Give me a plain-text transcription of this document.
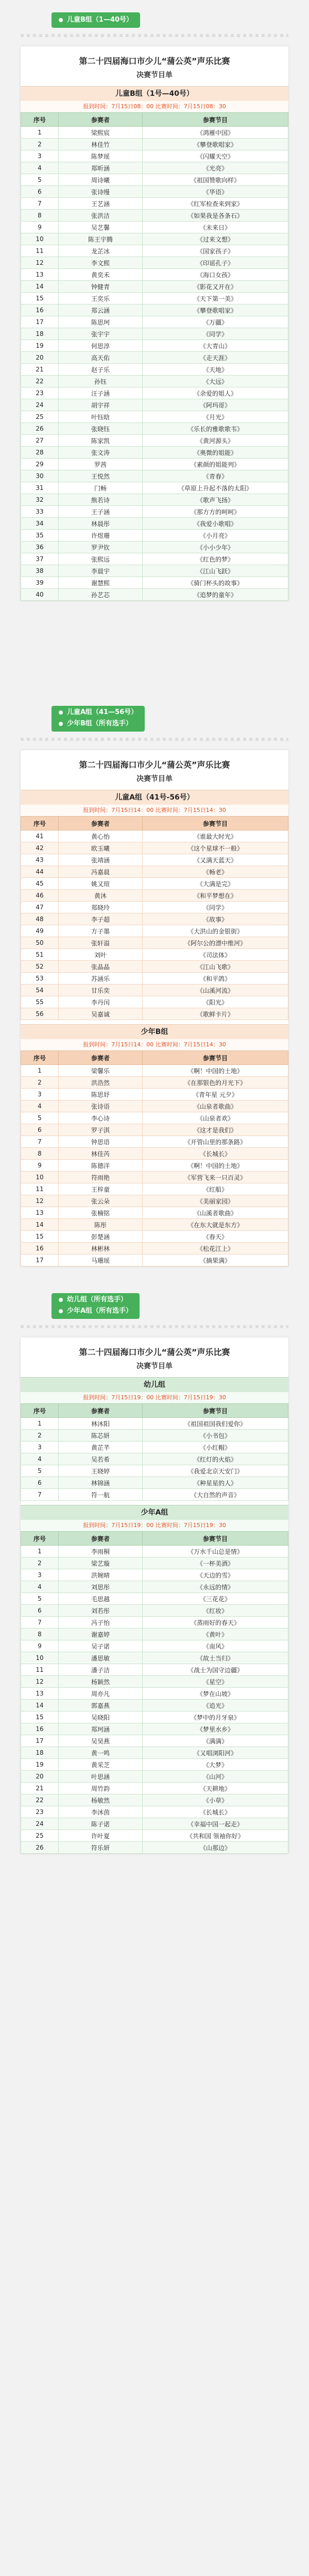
儿童B组（1—40号）
第二十四届海口市少儿“蒲公英”声乐比赛
决赛节目单
儿童B组（1号—40号）
报到时间：7月15日08：00 比赛时间：7月15日08：30
序号	参赛者	参赛节目
1	梁熙宸	《鸿雁中国》
2	林佳竹	《攀登歌唱家》
3	陈梦瑶	《闪耀天空》
4	郑昕涵	《光亮》
5	周诗曦	《祖国赞歌向样》
6	张诗缦	《华语》
7	王艺涵	《红军检查来到家》
8	张洪洁	《如果我是各条石》
9	吴艺馨	《未来日》
10	陈王宇腾	《过来文想》
11	龙芷冰	《国家孩子》
12	李文熙	《印谣孔子》
13	黄奕禾	《海口女孩》
14	钟健青	《影花又开在》
15	王奕乐	《天下第一美》
16	郑云涵	《攀登歌唱家》
17	陈思珂	《万疆》
18	张宇宇	《同学》
19	何思淳	《大青山》
20	高天佑	《走天涯》
21	赵子乐	《天地》
22	孙钰	《大远》
23	汪子涵	《余爱的姐人》
24	胡宇祥	《阿玛哥》
25	叶钰晗	《月光》
26	张晓钰	《乐长的雅歌歌韦》
27	陈家凯	《黄河源头》
28	张文涛	《奥微的姐能》
29	罗茜	《素颜的姐能列》
30	王悦然	《青春》
31	门畅	《草原上升起不落的太阳》
32	熊若诗	《歌声飞扬》
33	王子涵	《那方方的呵呵》
34	林晨彤	《我爱小歌唱》
35	许煜珊	《小月亮》
36	罗尹钦	《小小少年》
37	张熙远	《红色的梦》
38	李晨宇	《江山飞跃》
39	谢慧熙	《骑门杯头的故事》
40	孙艺芯	《追梦的童年》
儿童A组（41—56号）
少年B组（所有选手）
第二十四届海口市少儿“蒲公英”声乐比赛
决赛节目单
儿童A组（41号-56号）
报到时间：7月15日14：00 比赛时间：7月15日14：30
序号	参赛者	参赛节目
41	黄心怡	《谁最大时光》
42	欧玉曦	《这个星球不一般》
43	张靖涵	《又满天蓝天》
44	冯嘉晨	《畅老》
45	姚又瑄	《大满是完》
46	黄沐	《和平梦想在》
47	郑晓玲	《同学》
48	李子超	《故事》
49	方子墨	《大洪山的金银街》
50	张轩溢	《阿尔公的漂中维河》
51	刘叶	《司法体》
52	张晶晶	《江山飞歌》
53	苏涵乐	《和平鸽》
54	甘乐奕	《山溪河流》
55	李丹闰	《阳光》
56	吴嘉诚	《歌鲜卡片》
少年B组
报到时间：7月15日14：00 比赛时间：7月15日14：30
序号	参赛者	参赛节目
1	梁馨乐	《啊！中国的土地》
2	洪浩然	《在那银色的月光下》
3	陈思妤	《青年星 元夕》
4	张诗语	《山泉者歌曲》
5	李心诗	《山泉者欢》
6	罗子淇	《这才是我们》
7	钟思语	《开管山里的那条路》
8	林佳芮	《长城长》
9	陈德洋	《啊！中国的土地》
10	符雨艳	《军营飞来一只百灵》
11	王梓童	《红船》
12	张云朵	《美丽家园》
13	张楠铭	《山溪者歌曲》
14	陈彤	《在东大就是东方》
15	彭楚涵	《春天》
16	林彬林	《松花江上》
17	马珊瑶	《摘果满》
幼儿组（所有选手）
少年A组（所有选手）
第二十四届海口市少儿“蒲公英”声乐比赛
决赛节目单
幼儿组
报到时间：7月15日19：00 比赛时间：7月15日19：30
序号	参赛者	参赛节目
1	林沐阳	《祖国祖国我们爱你》
2	陈芯妍	《小书包》
3	黄芷芊	《小红帽》
4	吴若希	《红灯的火焰》
5	王晓婷	《我爱北京天安门》
6	林锦涵	《种星星的人》
7	符一航	《大自然的声音》
少年A组
报到时间：7月15日19：00 比赛时间：7月15日19：30
序号	参赛者	参赛节目
1	李雨桐	《万水千山总是情》
2	梁艺璇	《一杯美酒》
3	洪婉晴	《天边的雪》
4	刘思彤	《永远的情》
5	毛思越	《三花花》
6	刘若彤	《红妆》
7	冯子怡	《蒸雨好的春天》
8	谢嘉婷	《黄叶》
9	吴子诺	《南风》
10	潘思敏	《故土当归》
11	潘子洁	《战士为国守边疆》
12	杨颖然	《星空》
13	周亦凡	《梦在山坡》
14	郭嘉燕	《追光》
15	吴晓阳	《梦中的月牙泉》
16	郑珂涵	《梦里水乡》
17	吴昊燕	《满满》
18	黄一鸣	《又唱浏阳河》
19	黄采芝	《大梦》
20	叶思涵	《山河》
21	周竹韵	《天耕地》
22	杨敏然	《小草》
23	李沐茵	《长城长》
24	陈子诺	《幸福中国一起走》
25	许叶夏	《共和国 领袖你好》
26	符乐妍	《山那边》
